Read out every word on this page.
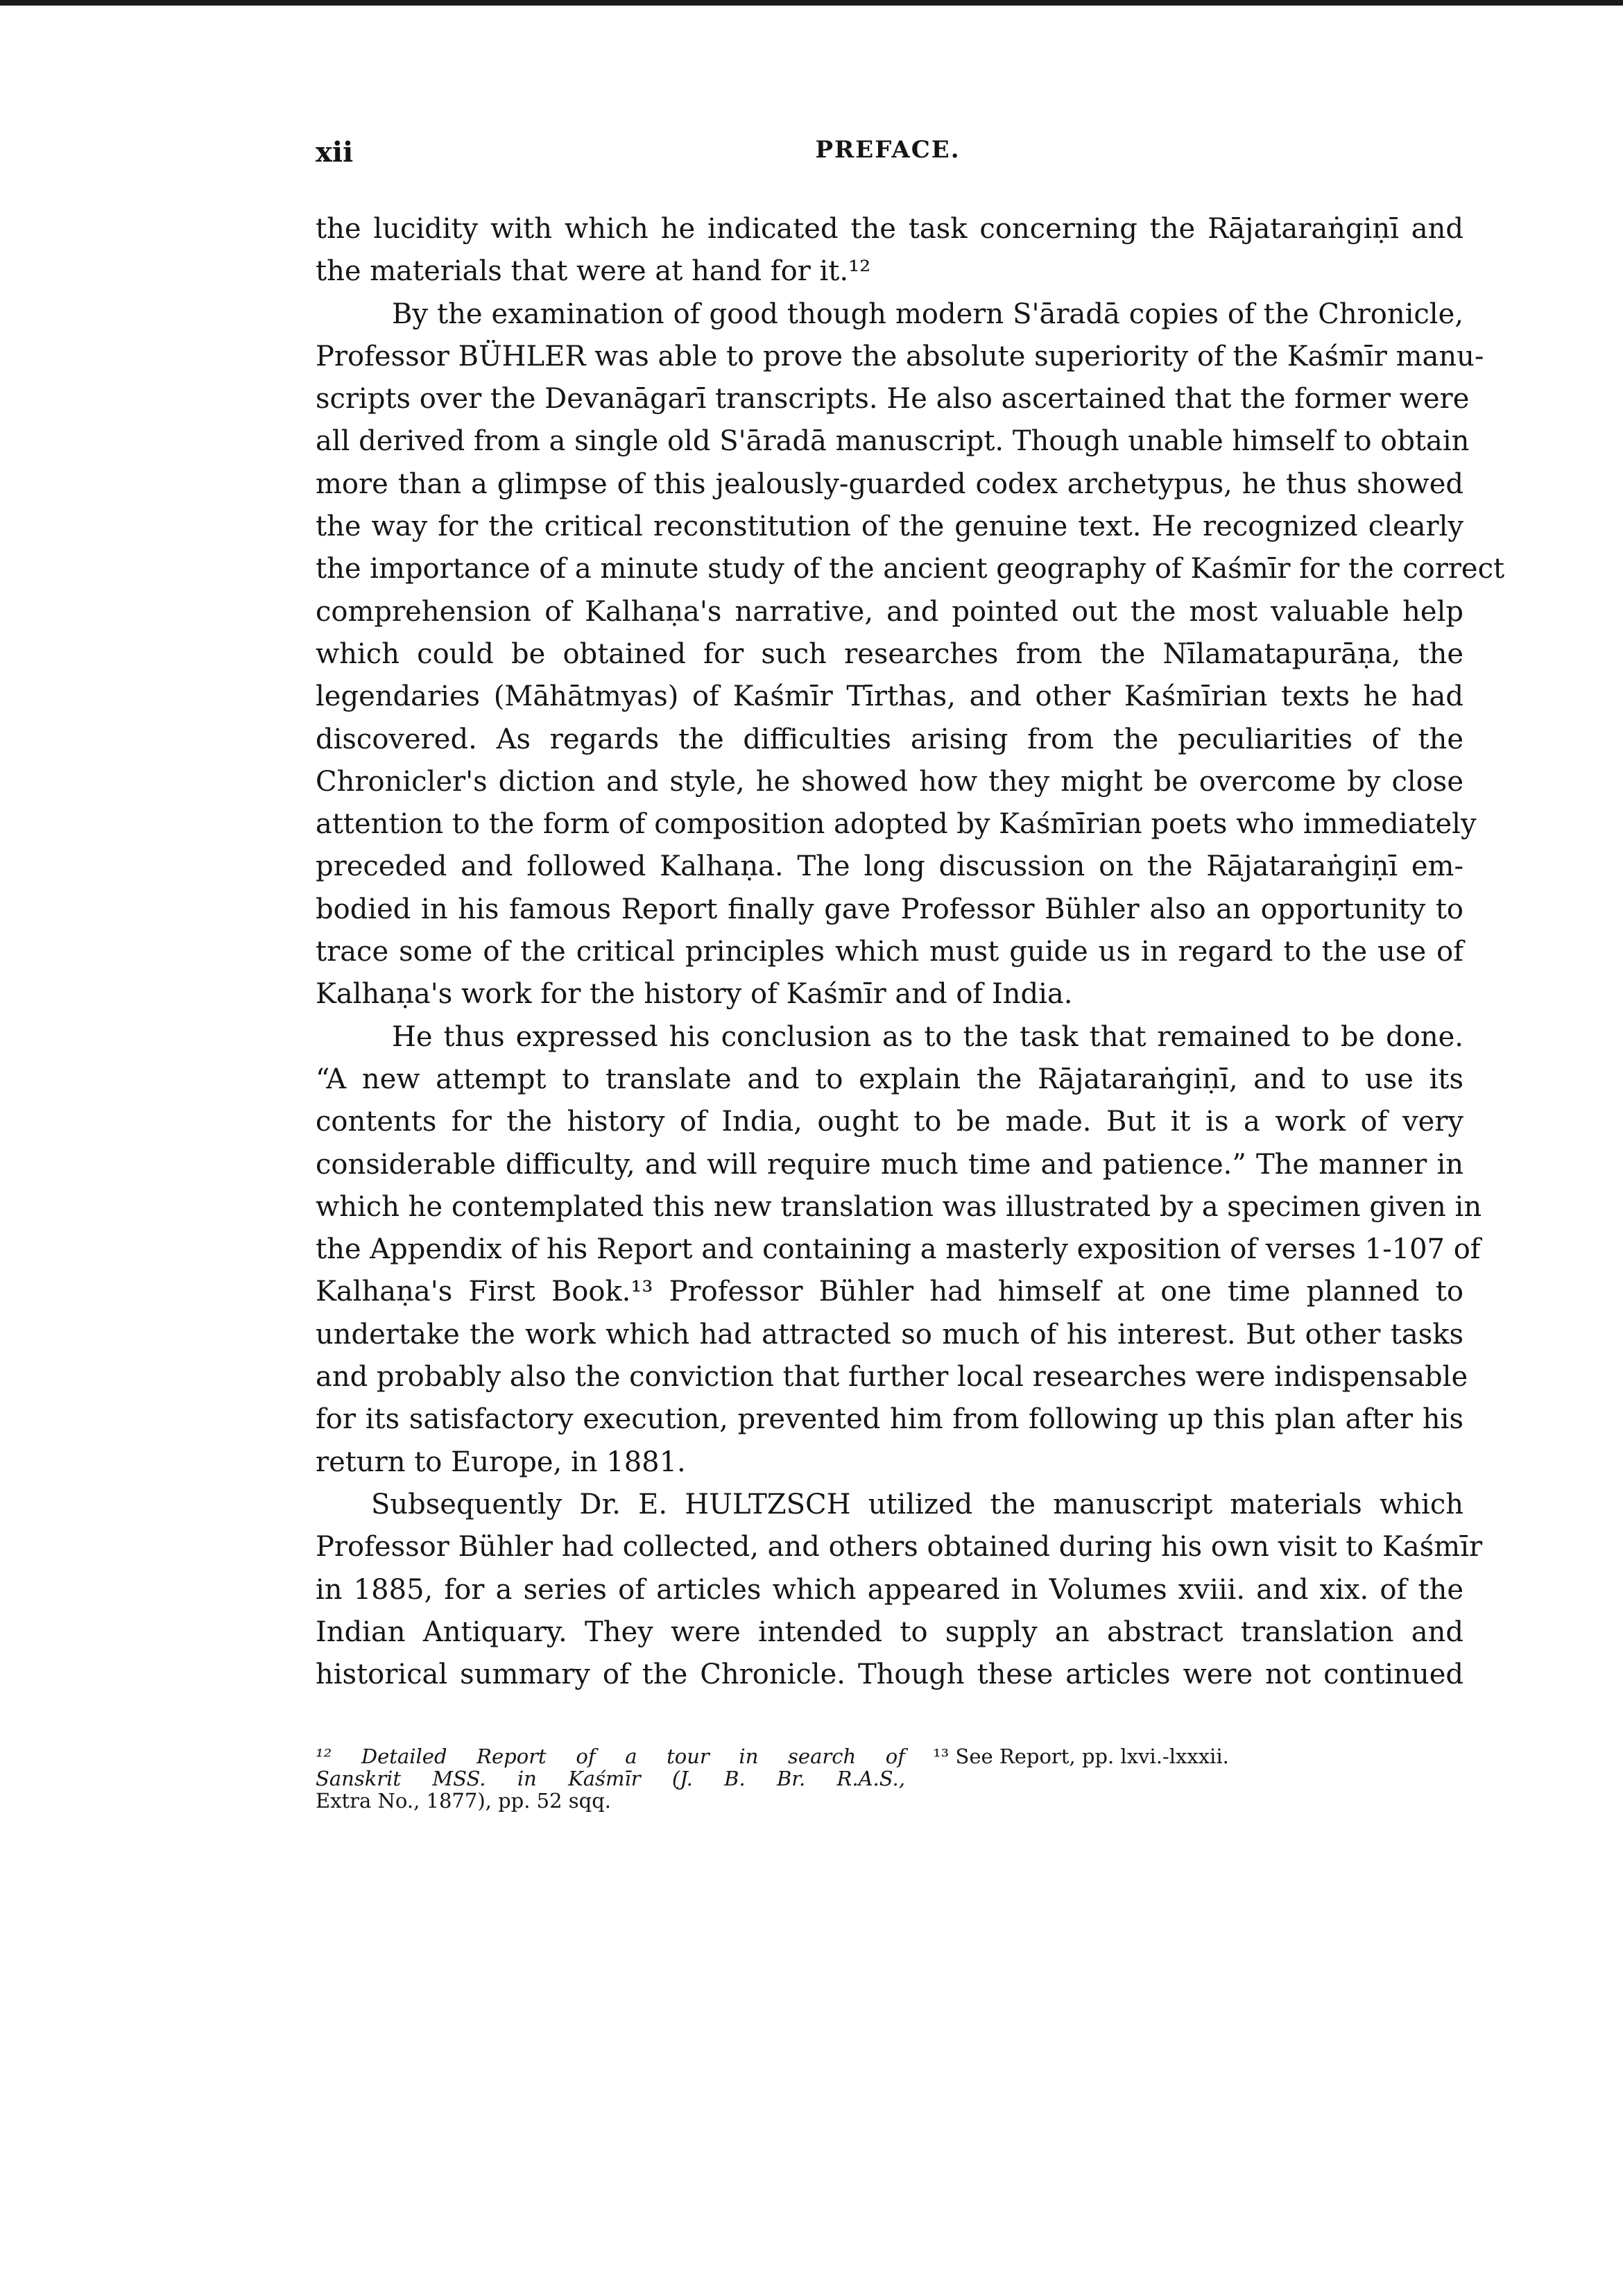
xii	PREFACE.
the lucidity with which he indicated the task concerning the Rājataraṅgiṇī and
the materials that were at hand for it.¹²
By the examination of good though modern S'āradā copies of the Chronicle,
Professor BÜHLER was able to prove the absolute superiority of the Kaśmīr manu-
scripts over the Devanāgarī transcripts. He also ascertained that the former were
all derived from a single old S'āradā manuscript. Though unable himself to obtain
more than a glimpse of this jealously-guarded codex archetypus, he thus showed
the way for the critical reconstitution of the genuine text. He recognized clearly
the importance of a minute study of the ancient geography of Kaśmīr for the correct
comprehension of Kalhaṇa's narrative, and pointed out the most valuable help
which could be obtained for such researches from the Nīlamatapurāṇa, the
legendaries (Māhātmyas) of Kaśmīr Tīrthas, and other Kaśmīrian texts he had
discovered. As regards the difficulties arising from the peculiarities of the
Chronicler's diction and style, he showed how they might be overcome by close
attention to the form of composition adopted by Kaśmīrian poets who immediately
preceded and followed Kalhaṇa. The long discussion on the Rājataraṅgiṇī em-
bodied in his famous Report finally gave Professor Bühler also an opportunity to
trace some of the critical principles which must guide us in regard to the use of
Kalhaṇa's work for the history of Kaśmīr and of India.
He thus expressed his conclusion as to the task that remained to be done.
“A new attempt to translate and to explain the Rājataraṅgiṇī, and to use its
contents for the history of India, ought to be made. But it is a work of very
considerable difficulty, and will require much time and patience.” The manner in
which he contemplated this new translation was illustrated by a specimen given in
the Appendix of his Report and containing a masterly exposition of verses 1-107 of
Kalhaṇa's First Book.¹³ Professor Bühler had himself at one time planned to
undertake the work which had attracted so much of his interest. But other tasks
and probably also the conviction that further local researches were indispensable
for its satisfactory execution, prevented him from following up this plan after his
return to Europe, in 1881.
Subsequently Dr. E. HULTZSCH utilized the manuscript materials which
Professor Bühler had collected, and others obtained during his own visit to Kaśmīr
in 1885, for a series of articles which appeared in Volumes xviii. and xix. of the
Indian Antiquary. They were intended to supply an abstract translation and
historical summary of the Chronicle. Though these articles were not continued
¹² Detailed Report of a tour in search of
Sanskrit MSS. in Kaśmīr (J. B. Br. R.A.S.,
Extra No., 1877), pp. 52 sqq.
¹³ See Report, pp. lxvi.-lxxxii.
